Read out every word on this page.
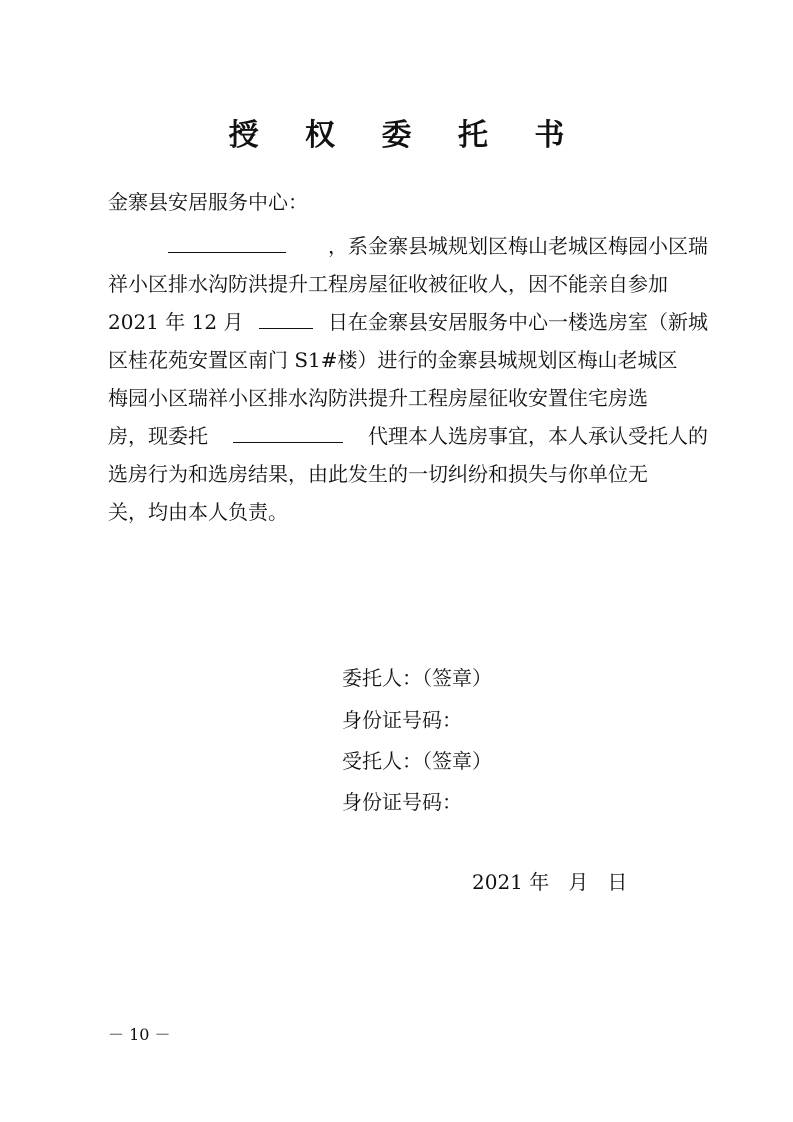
授 权 委 托 书
金寨县安居服务中心：
，系金寨县城规划区梅山老城区梅园小区瑞
祥小区排水沟防洪提升工程房屋征收被征收人，因不能亲自参加
2021 年 12 月	日在金寨县安居服务中心一楼选房室（新城
区桂花苑安置区南门 S1#楼）进行的金寨县城规划区梅山老城区
梅园小区瑞祥小区排水沟防洪提升工程房屋征收安置住宅房选
房，现委托	代理本人选房事宜，本人承认受托人的
选房行为和选房结果，由此发生的一切纠纷和损失与你单位无
关，均由本人负责。
委托人：（签章）
身份证号码：
受托人：（签章）
身份证号码：
2021 年   月   日
－ 10 －
